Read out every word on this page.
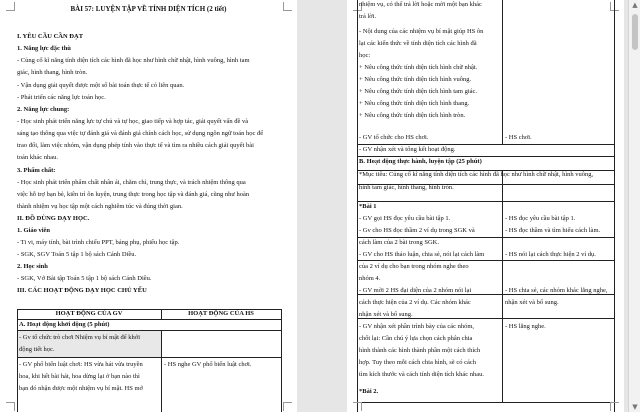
BÀI 57: LUYỆN TẬP VỀ TÍNH DIỆN TÍCH (2 tiết)
I. YÊU CẦU CẦN ĐẠT
1. Năng lực đặc thù
- Củng cố kĩ năng tính diện tích các hình đã học như hình chữ nhật, hình vuông, hình tam
giác, hình thang, hình tròn.
- Vận dụng giải quyết được một số bài toán thực tế có liên quan.
- Phát triển các năng lực toán học.
2. Năng lực chung:
- Học sinh phát triển năng lực tự chủ và tự học, giao tiếp và hợp tác, giải quyết vấn đề và
sáng tạo thông qua việc tự đánh giá và đánh giá chính cách học, sử dụng ngôn ngữ toán học để
trao đổi, làm việc nhóm, vận dụng phép tính vào thực tế và tìm ra nhiều cách giải quyết bài
toán khác nhau.
3. Phẩm chất:
- Học sinh phát triển phẩm chất nhân ái, chăm chỉ, trung thực, và trách nhiệm thông qua
việc hỗ trợ bạn bè, kiên trì ôn luyện, trung thực trong học tập và đánh giá, cũng như hoàn
thành nhiệm vụ học tập một cách nghiêm túc và đúng thời gian.
II. ĐỒ DÙNG DẠY HỌC.
1. Giáo viên
- Ti vi, máy tính, bài trình chiếu PPT, bảng phụ, phiếu học tập.
- SGK, SGV Toán 5 tập 1 bộ sách Cánh Diều.
2. Học sinh
- SGK, Vở Bài tập Toán 5 tập 1 bộ sách Cánh Diều.
III. CÁC HOẠT ĐỘNG DẠY HỌC CHỦ YẾU
HOẠT ĐỘNG CỦA GV	HOẠT ĐỘNG CỦA HS
A. Hoạt động khởi động (5 phút)
- Gv tổ chức trò chơi Nhiệm vụ bí mật để khởi
động tiết học.
- GV phổ biến luật chơi: HS vừa hát vừa truyền
hoa, khi hết bài hát, hoa dừng lại ở bạn nào thì
bạn đó nhận được một nhiệm vụ bí mật. HS mở
- HS nghe GV phổ biến luật chơi.
nhiệm vụ, có thể trả lời hoặc mời một bạn khác
trả lời.
- Nội dung của các nhiệm vụ bí mật giúp HS ôn
lại các kiến thức về tính diện tích các hình đã
học:
+ Nêu công thức tính diện tích hình chữ nhật.
+ Nêu công thức tính diện tích hình vuông.
+ Nêu công thức tính diện tích hình tam giác.
+ Nêu công thức tính diện tích hình thang.
+ Nêu công thức tính diện tích hình tròn.
- GV tổ chức cho HS chơi.	- HS chơi.
- GV nhận xét và tổng kết hoạt động.
B. Hoạt động thực hành, luyện tập (25 phút)
*Mục tiêu: Củng cố kĩ năng tính diện tích các hình đã học như hình chữ nhật, hình vuông,
hình tam giác, hình thang, hình tròn.
*Bài 1
- GV gọi HS đọc yêu cầu bài tập 1.
- Gv cho HS đọc thầm 2 ví dụ trong SGK và
cách làm của 2 bài trong SGK.
- GV cho HS thảo luận, chia sẻ, nói lại cách làm
của 2 ví dụ cho bạn trong nhóm nghe theo
nhóm 4.
- GV mời 2 HS đại diện của 2 nhóm nói lại
cách thực hiện của 2 ví dụ. Các nhóm khác
nhận xét và bổ sung.
- GV nhận xét phần trình bày của các nhóm,
chốt lại: Cần chú ý lựa chọn cách phân chia
hình thành các hình thành phần một cách thích
hợp. Tuy theo mỗi cách chia hình, sẽ có cách
tìm kích thước và cách tính diện tích khác nhau.
- HS đọc yêu cầu bài tập 1.
- HS đọc thầm và tìm hiểu cách làm.
- HS nói lại cách thực hiện 2 ví dụ.
- HS chia sẻ, các nhóm khác lắng nghe,
nhận xét và bổ sung.
- HS lắng nghe.
*Bài 2.
▲
▼
